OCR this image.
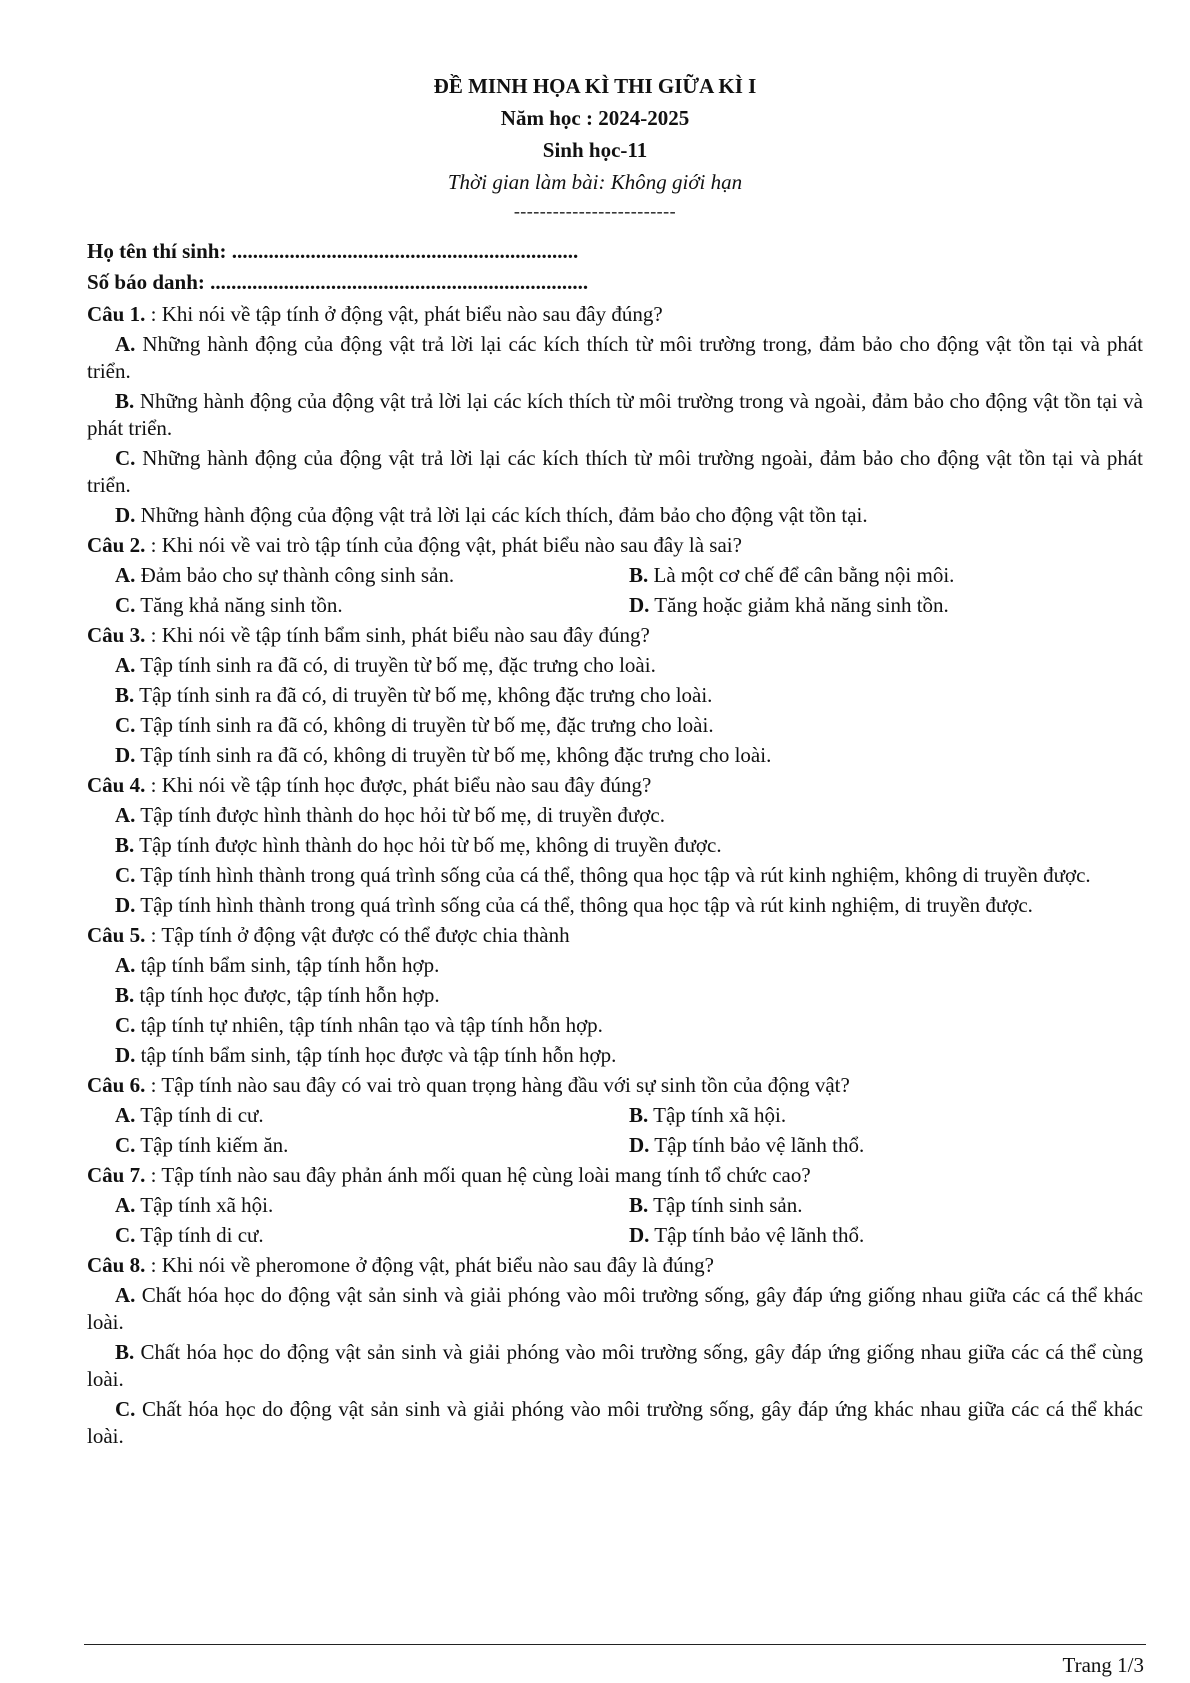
ĐỀ MINH HỌA KÌ THI GIỮA KÌ I
Năm học : 2024-2025
Sinh học-11
Thời gian làm bài: Không giới hạn
-------------------------
Họ tên thí sinh: ..................................................................
Số báo danh: ........................................................................
Câu 1. : Khi nói về tập tính ở động vật, phát biểu nào sau đây đúng?
A. Những hành động của động vật trả lời lại các kích thích từ môi trường trong, đảm bảo cho động vật tồn tại và phát triển.
B. Những hành động của động vật trả lời lại các kích thích từ môi trường trong và ngoài, đảm bảo cho động vật tồn tại và phát triển.
C. Những hành động của động vật trả lời lại các kích thích từ môi trường ngoài, đảm bảo cho động vật tồn tại và phát triển.
D. Những hành động của động vật trả lời lại các kích thích, đảm bảo cho động vật tồn tại.
Câu 2. : Khi nói về vai trò tập tính của động vật, phát biểu nào sau đây là sai?
A. Đảm bảo cho sự thành công sinh sản.	B. Là một cơ chế để cân bằng nội môi.
C. Tăng khả năng sinh tồn.	D. Tăng hoặc giảm khả năng sinh tồn.
Câu 3. : Khi nói về tập tính bẩm sinh, phát biểu nào sau đây đúng?
A. Tập tính sinh ra đã có, di truyền từ bố mẹ, đặc trưng cho loài.
B. Tập tính sinh ra đã có, di truyền từ bố mẹ, không đặc trưng cho loài.
C. Tập tính sinh ra đã có, không di truyền từ bố mẹ, đặc trưng cho loài.
D. Tập tính sinh ra đã có, không di truyền từ bố mẹ, không đặc trưng cho loài.
Câu 4. : Khi nói về tập tính học được, phát biểu nào sau đây đúng?
A. Tập tính được hình thành do học hỏi từ bố mẹ, di truyền được.
B. Tập tính được hình thành do học hỏi từ bố mẹ, không di truyền được.
C. Tập tính hình thành trong quá trình sống của cá thể, thông qua học tập và rút kinh nghiệm, không di truyền được.
D. Tập tính hình thành trong quá trình sống của cá thể, thông qua học tập và rút kinh nghiệm, di truyền được.
Câu 5. : Tập tính ở động vật được có thể được chia thành
A. tập tính bẩm sinh, tập tính hỗn hợp.
B. tập tính học được, tập tính hỗn hợp.
C. tập tính tự nhiên, tập tính nhân tạo và tập tính hỗn hợp.
D. tập tính bẩm sinh, tập tính học được và tập tính hỗn hợp.
Câu 6. : Tập tính nào sau đây có vai trò quan trọng hàng đầu với sự sinh tồn của động vật?
A. Tập tính di cư.	B. Tập tính xã hội.
C. Tập tính kiếm ăn.	D. Tập tính bảo vệ lãnh thổ.
Câu 7. : Tập tính nào sau đây phản ánh mối quan hệ cùng loài mang tính tổ chức cao?
A. Tập tính xã hội.	B. Tập tính sinh sản.
C. Tập tính di cư.	D. Tập tính bảo vệ lãnh thổ.
Câu 8. : Khi nói về pheromone ở động vật, phát biểu nào sau đây là đúng?
A. Chất hóa học do động vật sản sinh và giải phóng vào môi trường sống, gây đáp ứng giống nhau giữa các cá thể khác loài.
B. Chất hóa học do động vật sản sinh và giải phóng vào môi trường sống, gây đáp ứng giống nhau giữa các cá thể cùng loài.
C. Chất hóa học do động vật sản sinh và giải phóng vào môi trường sống, gây đáp ứng khác nhau giữa các cá thể khác loài.
Trang 1/3
